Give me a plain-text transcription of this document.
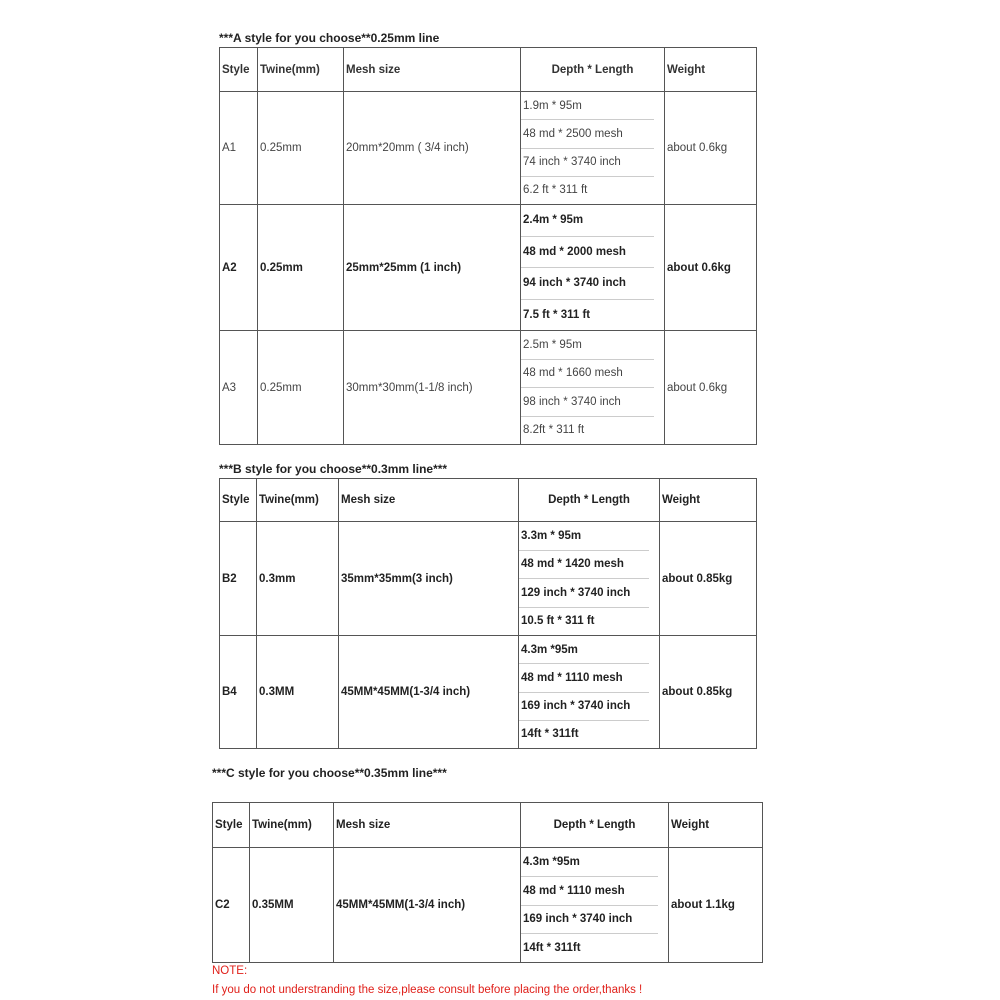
***A style for you choose**0.25mm line
Style	Twine(mm)	Mesh size	Depth * Length	Weight
A1	0.25mm	20mm*20mm ( 3/4 inch)	1.9m * 95m
48 md * 2500 mesh
74 inch * 3740 inch
6.2 ft * 311 ft	about 0.6kg
A2	0.25mm	25mm*25mm (1 inch)	2.4m * 95m
48 md * 2000 mesh
94 inch * 3740 inch
7.5 ft * 311 ft	about 0.6kg
A3	0.25mm	30mm*30mm(1-1/8 inch)	2.5m * 95m
48 md * 1660 mesh
98 inch * 3740 inch
8.2ft * 311 ft	about 0.6kg
***B style for you choose**0.3mm line***
Style	Twine(mm)	Mesh size	Depth * Length	Weight
B2	0.3mm	35mm*35mm(3 inch)	3.3m * 95m
48 md * 1420 mesh
129 inch * 3740 inch
10.5 ft * 311 ft	about 0.85kg
B4	0.3MM	45MM*45MM(1-3/4 inch)	4.3m *95m
48 md * 1110 mesh
169 inch * 3740 inch
14ft * 311ft	about 0.85kg
***C style for you choose**0.35mm line***
Style	Twine(mm)	Mesh size	Depth * Length	Weight
C2	0.35MM	45MM*45MM(1-3/4 inch)	4.3m *95m
48 md * 1110 mesh
169 inch * 3740 inch
14ft * 311ft	about 1.1kg
NOTE:
If you do not understranding the size,please consult before placing the order,thanks !
